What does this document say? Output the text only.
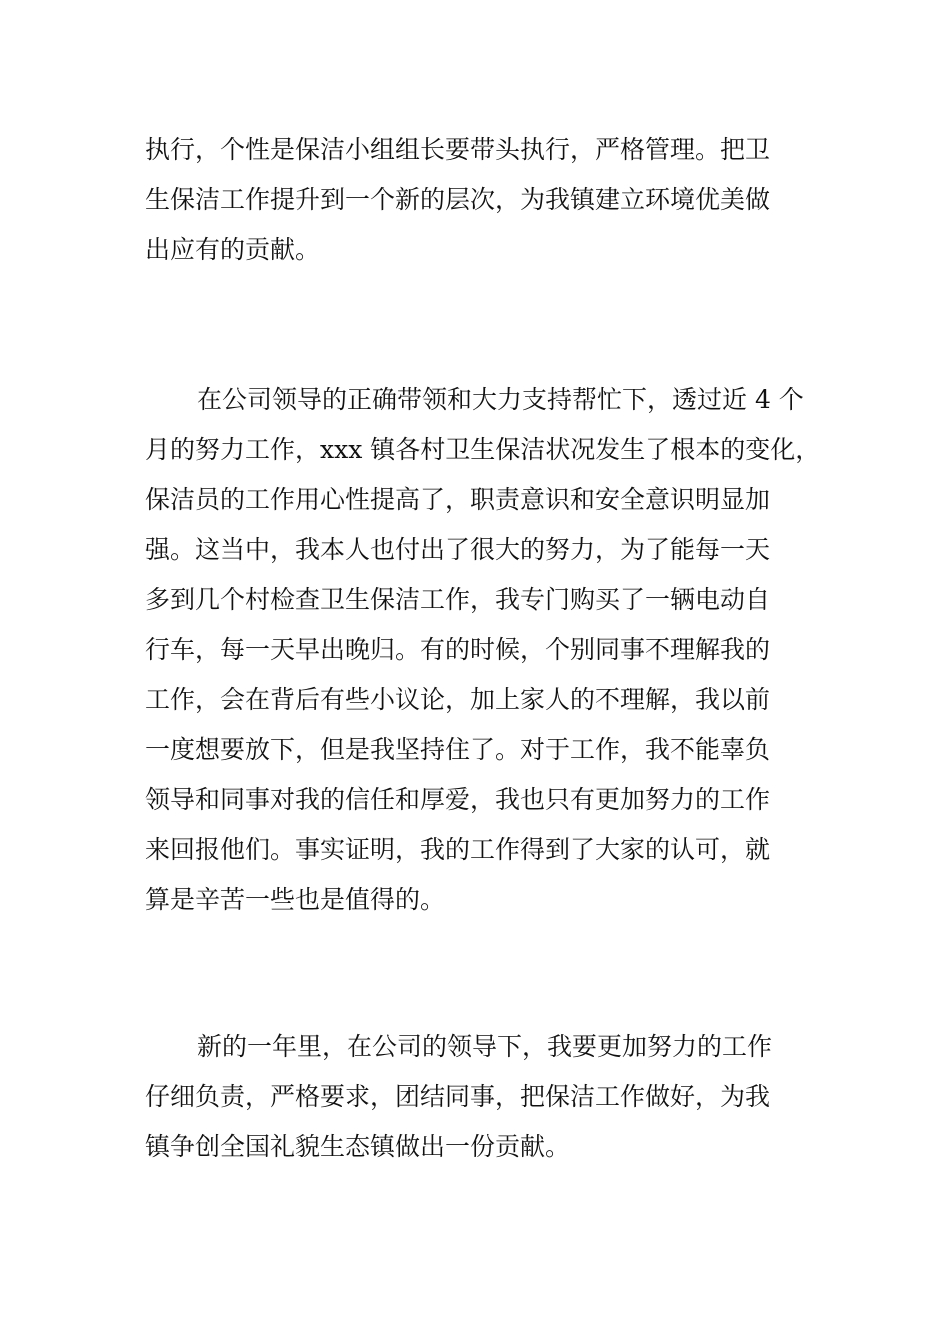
执行，个性是保洁小组组长要带头执行，严格管理。把卫
生保洁工作提升到一个新的层次，为我镇建立环境优美做
出应有的贡献。

在公司领导的正确带领和大力支持帮忙下，透过近 4 个
月的努力工作，xxx 镇各村卫生保洁状况发生了根本的变化，
保洁员的工作用心性提高了，职责意识和安全意识明显加
强。这当中，我本人也付出了很大的努力，为了能每一天
多到几个村检查卫生保洁工作，我专门购买了一辆电动自
行车，每一天早出晚归。有的时候，个别同事不理解我的
工作，会在背后有些小议论，加上家人的不理解，我以前
一度想要放下，但是我坚持住了。对于工作，我不能辜负
领导和同事对我的信任和厚爱，我也只有更加努力的工作
来回报他们。事实证明，我的工作得到了大家的认可，就
算是辛苦一些也是值得的。

新的一年里，在公司的领导下，我要更加努力的工作
仔细负责，严格要求，团结同事，把保洁工作做好，为我
镇争创全国礼貌生态镇做出一份贡献。
